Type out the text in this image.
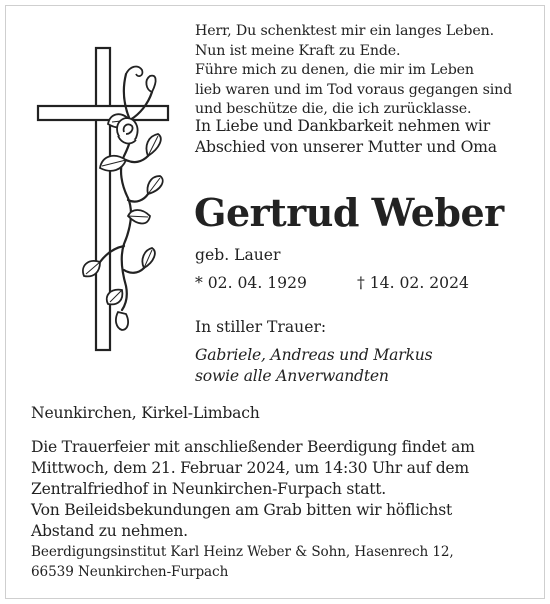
Herr, Du schenktest mir ein langes Leben.
Nun ist meine Kraft zu Ende.
Führe mich zu denen, die mir im Leben
lieb waren und im Tod voraus gegangen sind
und beschütze die, die ich zurücklasse.
In Liebe und Dankbarkeit nehmen wir
Abschied von unserer Mutter und Oma
Gertrud Weber
geb. Lauer
* 02. 04. 1929	† 14. 02. 2024
In stiller Trauer:
Gabriele, Andreas und Markus
sowie alle Anverwandten
Neunkirchen, Kirkel-Limbach
Die Trauerfeier mit anschließender Beerdigung findet am
Mittwoch, dem 21. Februar 2024, um 14:30 Uhr auf dem
Zentralfriedhof in Neunkirchen-Furpach statt.
Von Beileidsbekundungen am Grab bitten wir höflichst
Abstand zu nehmen.
Beerdigungsinstitut Karl Heinz Weber & Sohn, Hasenrech 12,
66539 Neunkirchen-Furpach
